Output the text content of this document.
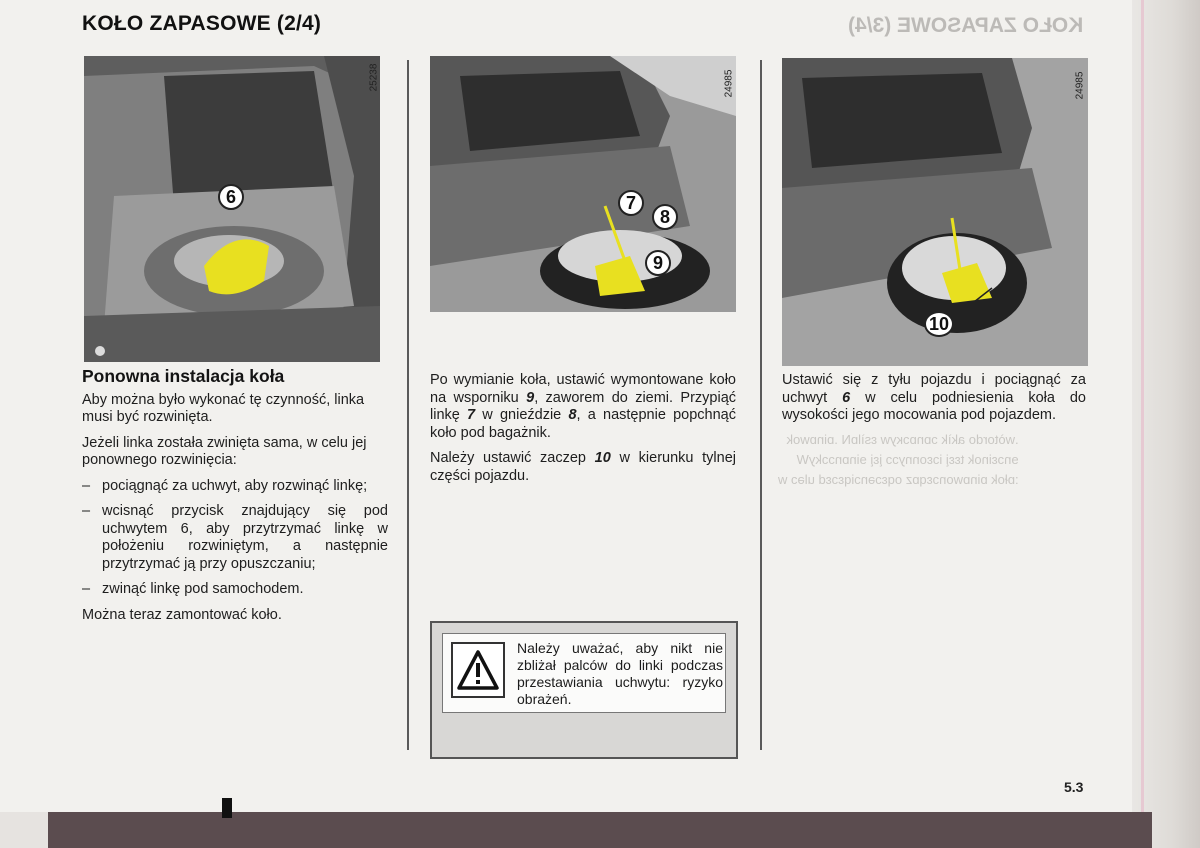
KOŁO ZAPASOWE (2/4)	KOŁO ZAPASOWE (3/4)
.wòtordo akìk ɔɒnɒɔĸyw ɛsìlɒN .ɒinɒwok
ɘnɔɛinok tɛɛį iɔɛonnyɔɔ įɛį ɘinɒnɔɔkyW
:ɒłok ɒinɒwonɔɛqɒz oqɛɔǝnɔiqɛɔɛd uləɔ w
25238
6
24985
7
8
9
24985
10
Ponowna instalacja koła

Aby można było wykonać tę czynność, linka musi być rozwinięta.

Jeżeli linka została zwinięta sama, w celu jej ponownego rozwinięcia:

– pociągnąć za uchwyt, aby rozwinąć linkę;
– wcisnąć przycisk znajdujący się pod uchwytem 6, aby przytrzymać linkę w położeniu rozwiniętym, a następnie przytrzymać ją przy opuszczaniu;
– zwinąć linkę pod samochodem.

Można teraz zamontować koło.

Po wymianie koła, ustawić wymontowane koło na wsporniku 9, zaworem do ziemi. Przypiąć linkę 7 w gnieździe 8, a następnie popchnąć koło pod bagażnik.

Należy ustawić zaczep 10 w kierunku tylnej części pojazdu.

Należy uważać, aby nikt nie zbliżał palców do linki podczas przestawiania uchwytu: ryzyko obrażeń.

Ustawić się z tyłu pojazdu i pociągnąć za uchwyt 6 w celu podniesienia koła do wysokości jego mocowania pod pojazdem.

5.3
